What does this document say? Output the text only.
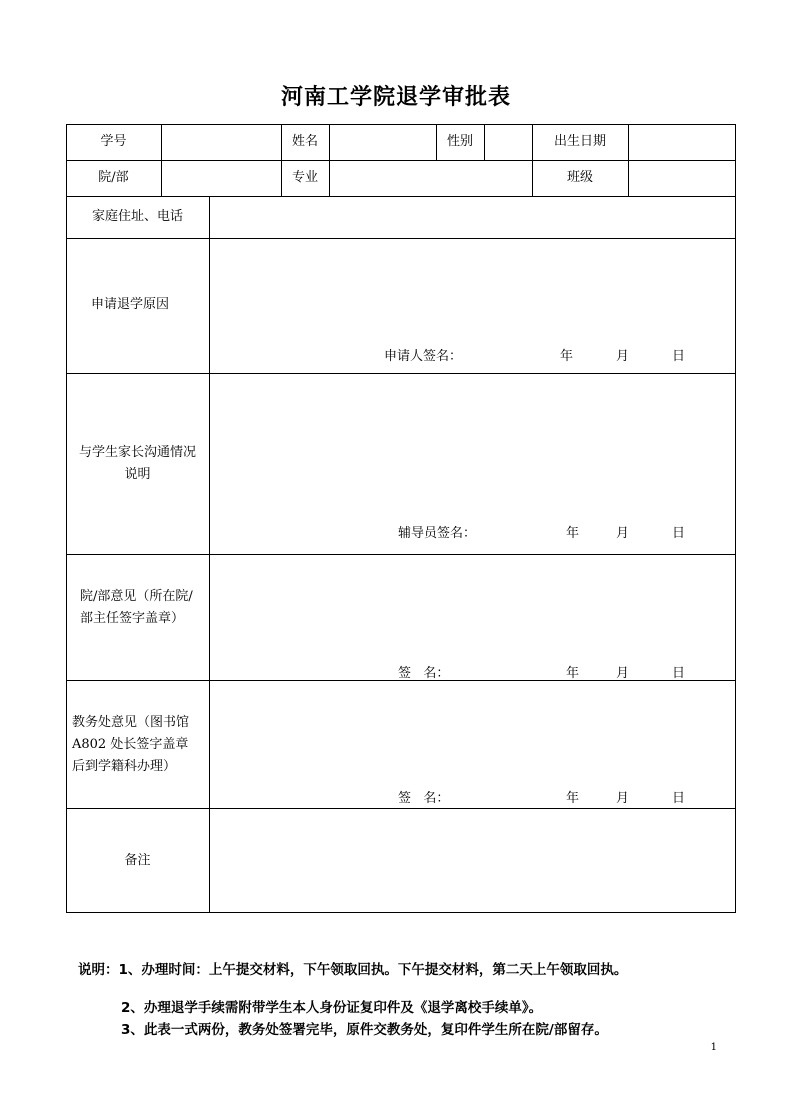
河南工学院退学审批表
学号	姓名	性别	出生日期
院/部	专业	班级
家庭住址、电话
申请退学原因
申请人签名：	年	月	日
与学生家长沟通情况
说明
辅导员签名：	年	月	日
院/部意见（所在院/
部主任签字盖章）
签   名：	年	月	日
教务处意见（图书馆
A802 处长签字盖章
后到学籍科办理）
签   名：	年	月	日
备注
说明：1、办理时间：上午提交材料，下午领取回执。下午提交材料，第二天上午领取回执。
2、办理退学手续需附带学生本人身份证复印件及《退学离校手续单》。
3、此表一式两份，教务处签署完毕，原件交教务处，复印件学生所在院/部留存。
1
